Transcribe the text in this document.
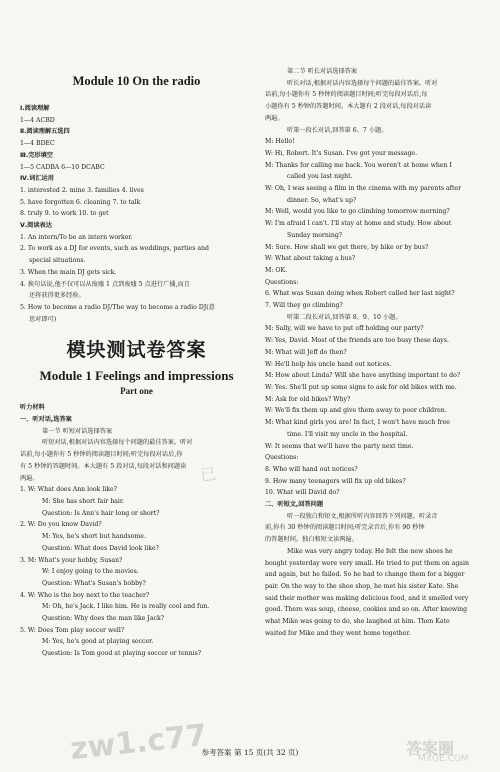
Module 10 On the radio
Ⅰ.阅读理解
1—4 ACBD
Ⅱ.阅读理解五选四
1—4 BDEC
Ⅲ.完形填空
1—5 CADBA 6—10 DCABC
Ⅳ.词汇运用
1. interested 2. mine 3. families 4. lives
5. have forgotten 6. cleaning 7. to talk
8. truly 9. to work 10. to get
Ⅴ.阅读表达
1. An intern/To be an intern worker.
2. To work as a DJ for events, such as weddings, parties and
special situations.
3. When the main DJ gets sick.
4. 换句话说,他不仅可以从废墟 1 点到废墟 5 点进行广播,而且
还将获得更多经验。
5. How to become a radio DJ/The way to become a radio DJ(意
思对即可)
模块测试卷答案
Module 1 Feelings and impressions
Part one
听力材料
一、听对话,选答案
第一节 听短对话选择答案
听短对话,根据对话内容选择每个问题的最佳答案。听对
话前,每小题你有 5 秒钟的阅读题目时间;听完每段对话后,你
有 5 秒钟的答题时间。本大题有 5 段对话,每段对话和问题读
两遍。
1. W: What does Ann look like?
M: She has short fair hair.
Question: Is Ann's hair long or short?
2. W: Do you know David?
M: Yes, he's short but handsome.
Question: What does David look like?
3. M: What's your hobby, Susan?
W: I enjoy going to the movies.
Question: What's Susan's hobby?
4. W: Who is the boy next to the teacher?
M: Oh, he's Jack. I like him. He is really cool and fun.
Question: Why does the man like Jack?
5. W: Does Tom play soccer well?
M: Yes, he's good at playing soccer.
Question: Is Tom good at playing soccer or tennis?
第二节 听长对话选择答案
听长对话,根据对话内容选择每个问题的最佳答案。听对
话前,每小题你有 5 秒钟的阅读题目时间;听完每段对话后,每
小题你有 5 秒钟的答题时间。本大题有 2 段对话,每段对话读
两遍。
听第一段长对话,回答第 6、7 小题。
M: Hello!
W: Hi, Robert. It's Susan. I've got your message.
M: Thanks for calling me back. You weren't at home when I
called you last night.
W: Oh, I was seeing a film in the cinema with my parents after
dinner. So, what's up?
M: Well, would you like to go climbing tomorrow morning?
W: I'm afraid I can't. I'll stay at home and study. How about
Sunday morning?
M: Sure. How shall we get there, by bike or by bus?
W: What about taking a bus?
M: OK.
Questions:
6. What was Susan doing when Robert called her last night?
7. Will they go climbing?
听第二段长对话,回答第 8、9、10 小题。
M: Sally, will we have to put off holding our party?
W: Yes, David. Most of the friends are too busy these days.
M: What will Jeff do then?
W: He'll help his uncle hand out notices.
M: How about Linda? Will she have anything important to do?
W: Yes. She'll put up some signs to ask for old bikes with me.
M: Ask for old bikes? Why?
W: We'll fix them up and give them away to poor children.
M: What kind girls you are! In fact, I won't have much free
time. I'll visit my uncle in the hospital.
W: It seems that we'll have the party next time.
Questions:
8. Who will hand out notices?
9. How many teenagers will fix up old bikes?
10. What will David do?
二、听短文,回答问题
听一段独白和短文,根据所听内容回答下列问题。听录音
前,你有 30 秒钟的阅读题目时间;听完录音后,你有 90 秒钟
的答题时间。独白和短文读两遍。
Mike was very angry today. He felt the new shoes he
bought yesterday were very small. He tried to put them on again
and again, but he failed. So he had to change them for a bigger
pair. On the way to the shoe shop, he met his sister Kate. She
said their mother was making delicious food, and it smelled very
good. There was soup, cheese, cookies and so on. After knowing
what Mike was going to do, she laughed at him. Then Kate
waited for Mike and they went home together.
参考答案 第 15 页(共 32 页)
已
zw1.c77	答案圈
MXQE.COM
